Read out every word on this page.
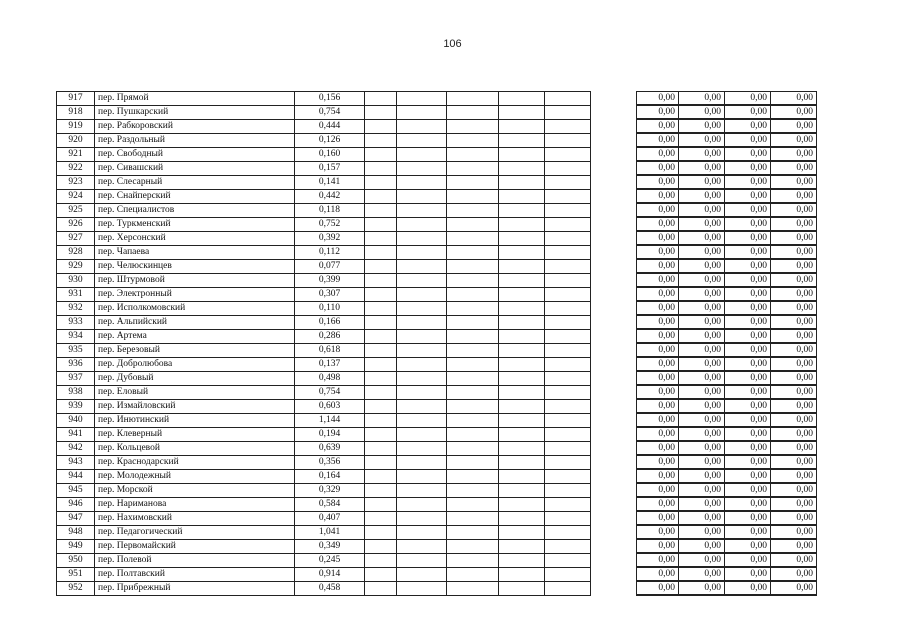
106
917	пер. Прямой	0,156							0,00	0,00	0,00	0,00
918	пер. Пушкарский	0,754							0,00	0,00	0,00	0,00
919	пер. Рабкоровский	0,444							0,00	0,00	0,00	0,00
920	пер. Раздольный	0,126							0,00	0,00	0,00	0,00
921	пер. Свободный	0,160							0,00	0,00	0,00	0,00
922	пер. Сивашский	0,157							0,00	0,00	0,00	0,00
923	пер. Слесарный	0,141							0,00	0,00	0,00	0,00
924	пер. Снайперский	0,442							0,00	0,00	0,00	0,00
925	пер. Специалистов	0,118							0,00	0,00	0,00	0,00
926	пер. Туркменский	0,752							0,00	0,00	0,00	0,00
927	пер. Херсонский	0,392							0,00	0,00	0,00	0,00
928	пер. Чапаева	0,112							0,00	0,00	0,00	0,00
929	пер. Челюскинцев	0,077							0,00	0,00	0,00	0,00
930	пер. Штурмовой	0,399							0,00	0,00	0,00	0,00
931	пер. Электронный	0,307							0,00	0,00	0,00	0,00
932	пер. Исполкомовский	0,110							0,00	0,00	0,00	0,00
933	пер. Альпийский	0,166							0,00	0,00	0,00	0,00
934	пер. Артема	0,286							0,00	0,00	0,00	0,00
935	пер. Березовый	0,618							0,00	0,00	0,00	0,00
936	пер. Добролюбова	0,137							0,00	0,00	0,00	0,00
937	пер. Дубовый	0,498							0,00	0,00	0,00	0,00
938	пер. Еловый	0,754							0,00	0,00	0,00	0,00
939	пер. Измайловский	0,603							0,00	0,00	0,00	0,00
940	пер. Инютинский	1,144							0,00	0,00	0,00	0,00
941	пер. Клеверный	0,194							0,00	0,00	0,00	0,00
942	пер. Кольцевой	0,639							0,00	0,00	0,00	0,00
943	пер. Краснодарский	0,356							0,00	0,00	0,00	0,00
944	пер. Молодежный	0,164							0,00	0,00	0,00	0,00
945	пер. Морской	0,329							0,00	0,00	0,00	0,00
946	пер. Нариманова	0,584							0,00	0,00	0,00	0,00
947	пер. Нахимовский	0,407							0,00	0,00	0,00	0,00
948	пер. Педагогический	1,041							0,00	0,00	0,00	0,00
949	пер. Первомайский	0,349							0,00	0,00	0,00	0,00
950	пер. Полевой	0,245							0,00	0,00	0,00	0,00
951	пер. Полтавский	0,914							0,00	0,00	0,00	0,00
952	пер. Прибрежный	0,458							0,00	0,00	0,00	0,00
